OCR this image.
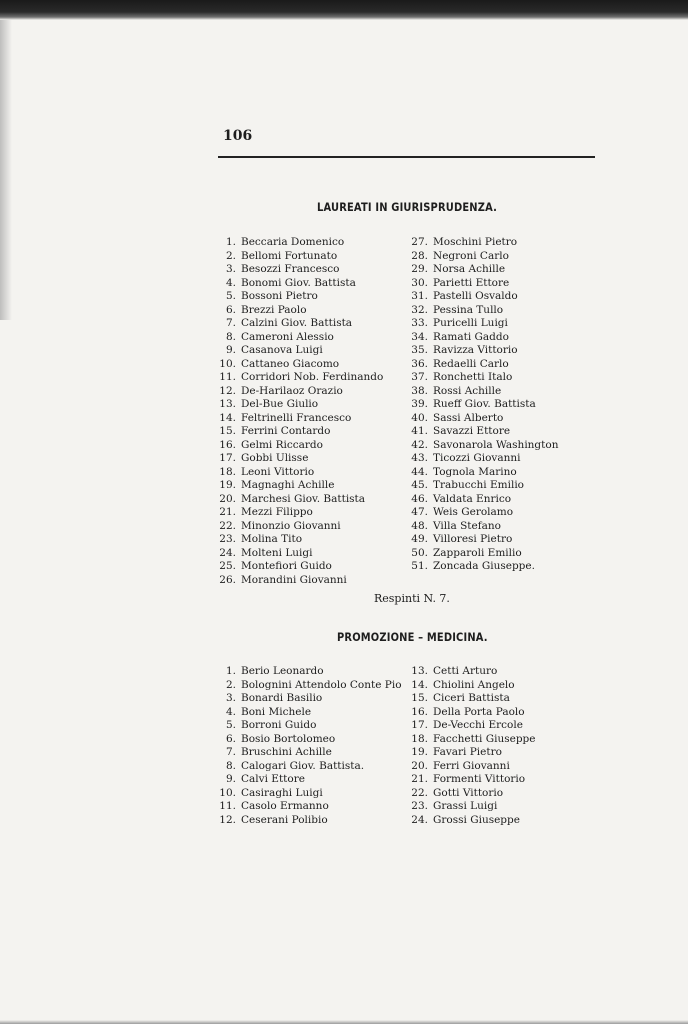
106
LAUREATI IN GIURISPRUDENZA.
1. Beccaria Domenico
2. Bellomi Fortunato
3. Besozzi Francesco
4. Bonomi Giov. Battista
5. Bossoni Pietro
6. Brezzi Paolo
7. Calzini Giov. Battista
8. Cameroni Alessio
9. Casanova Luigi
10. Cattaneo Giacomo
11. Corridori Nob. Ferdinando
12. De-Harilaoz Orazio
13. Del-Bue Giulio
14. Feltrinelli Francesco
15. Ferrini Contardo
16. Gelmi Riccardo
17. Gobbi Ulisse
18. Leoni Vittorio
19. Magnaghi Achille
20. Marchesi Giov. Battista
21. Mezzi Filippo
22. Minonzio Giovanni
23. Molina Tito
24. Molteni Luigi
25. Montefiori Guido
26. Morandini Giovanni
27. Moschini Pietro
28. Negroni Carlo
29. Norsa Achille
30. Parietti Ettore
31. Pastelli Osvaldo
32. Pessina Tullo
33. Puricelli Luigi
34. Ramati Gaddo
35. Ravizza Vittorio
36. Redaelli Carlo
37. Ronchetti Italo
38. Rossi Achille
39. Rueff Giov. Battista
40. Sassi Alberto
41. Savazzi Ettore
42. Savonarola Washington
43. Ticozzi Giovanni
44. Tognola Marino
45. Trabucchi Emilio
46. Valdata Enrico
47. Weis Gerolamo
48. Villa Stefano
49. Villoresi Pietro
50. Zapparoli Emilio
51. Zoncada Giuseppe.
Respinti N. 7.
PROMOZIONE – MEDICINA.
1. Berio Leonardo
2. Bolognini Attendolo Conte Pio
3. Bonardi Basilio
4. Boni Michele
5. Borroni Guido
6. Bosio Bortolomeo
7. Bruschini Achille
8. Calogari Giov. Battista.
9. Calvi Ettore
10. Casiraghi Luigi
11. Casolo Ermanno
12. Ceserani Polibio
13. Cetti Arturo
14. Chiolini Angelo
15. Ciceri Battista
16. Della Porta Paolo
17. De-Vecchi Ercole
18. Facchetti Giuseppe
19. Favari Pietro
20. Ferri Giovanni
21. Formenti Vittorio
22. Gotti Vittorio
23. Grassi Luigi
24. Grossi Giuseppe
